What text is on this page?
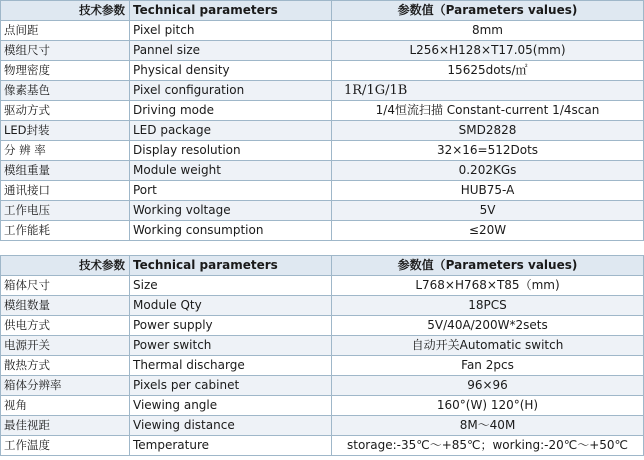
技术参数	Technical parameters	参数值（Parameters values)
点间距	Pixel pitch	8mm
模组尺寸	Pannel size	L256×H128×T17.05(mm)
物理密度	Physical density	15625dots/㎡
像素基色	Pixel configuration	1R/1G/1B
驱动方式	Driving mode	1/4恒流扫描 Constant-current 1/4scan
LED封装	LED package	SMD2828
分 辨 率	Display resolution	32×16=512Dots
模组重量	Module weight	0.202KGs
通讯接口	Port	HUB75-A
工作电压	Working voltage	5V
工作能耗	Working consumption	≤20W
技术参数	Technical parameters	参数值（Parameters values)
箱体尺寸	Size	L768×H768×T85（mm)
模组数量	Module Qty	18PCS
供电方式	Power supply	5V/40A/200W*2sets
电源开关	Power switch	自动开关Automatic switch
散热方式	Thermal discharge	Fan 2pcs
箱体分辨率	Pixels per cabinet	96×96
视角	Viewing angle	160°(W) 120°(H)
最佳视距	Viewing distance	8M～40M
工作温度	Temperature	storage:-35℃～+85℃；working:-20℃～+50℃
